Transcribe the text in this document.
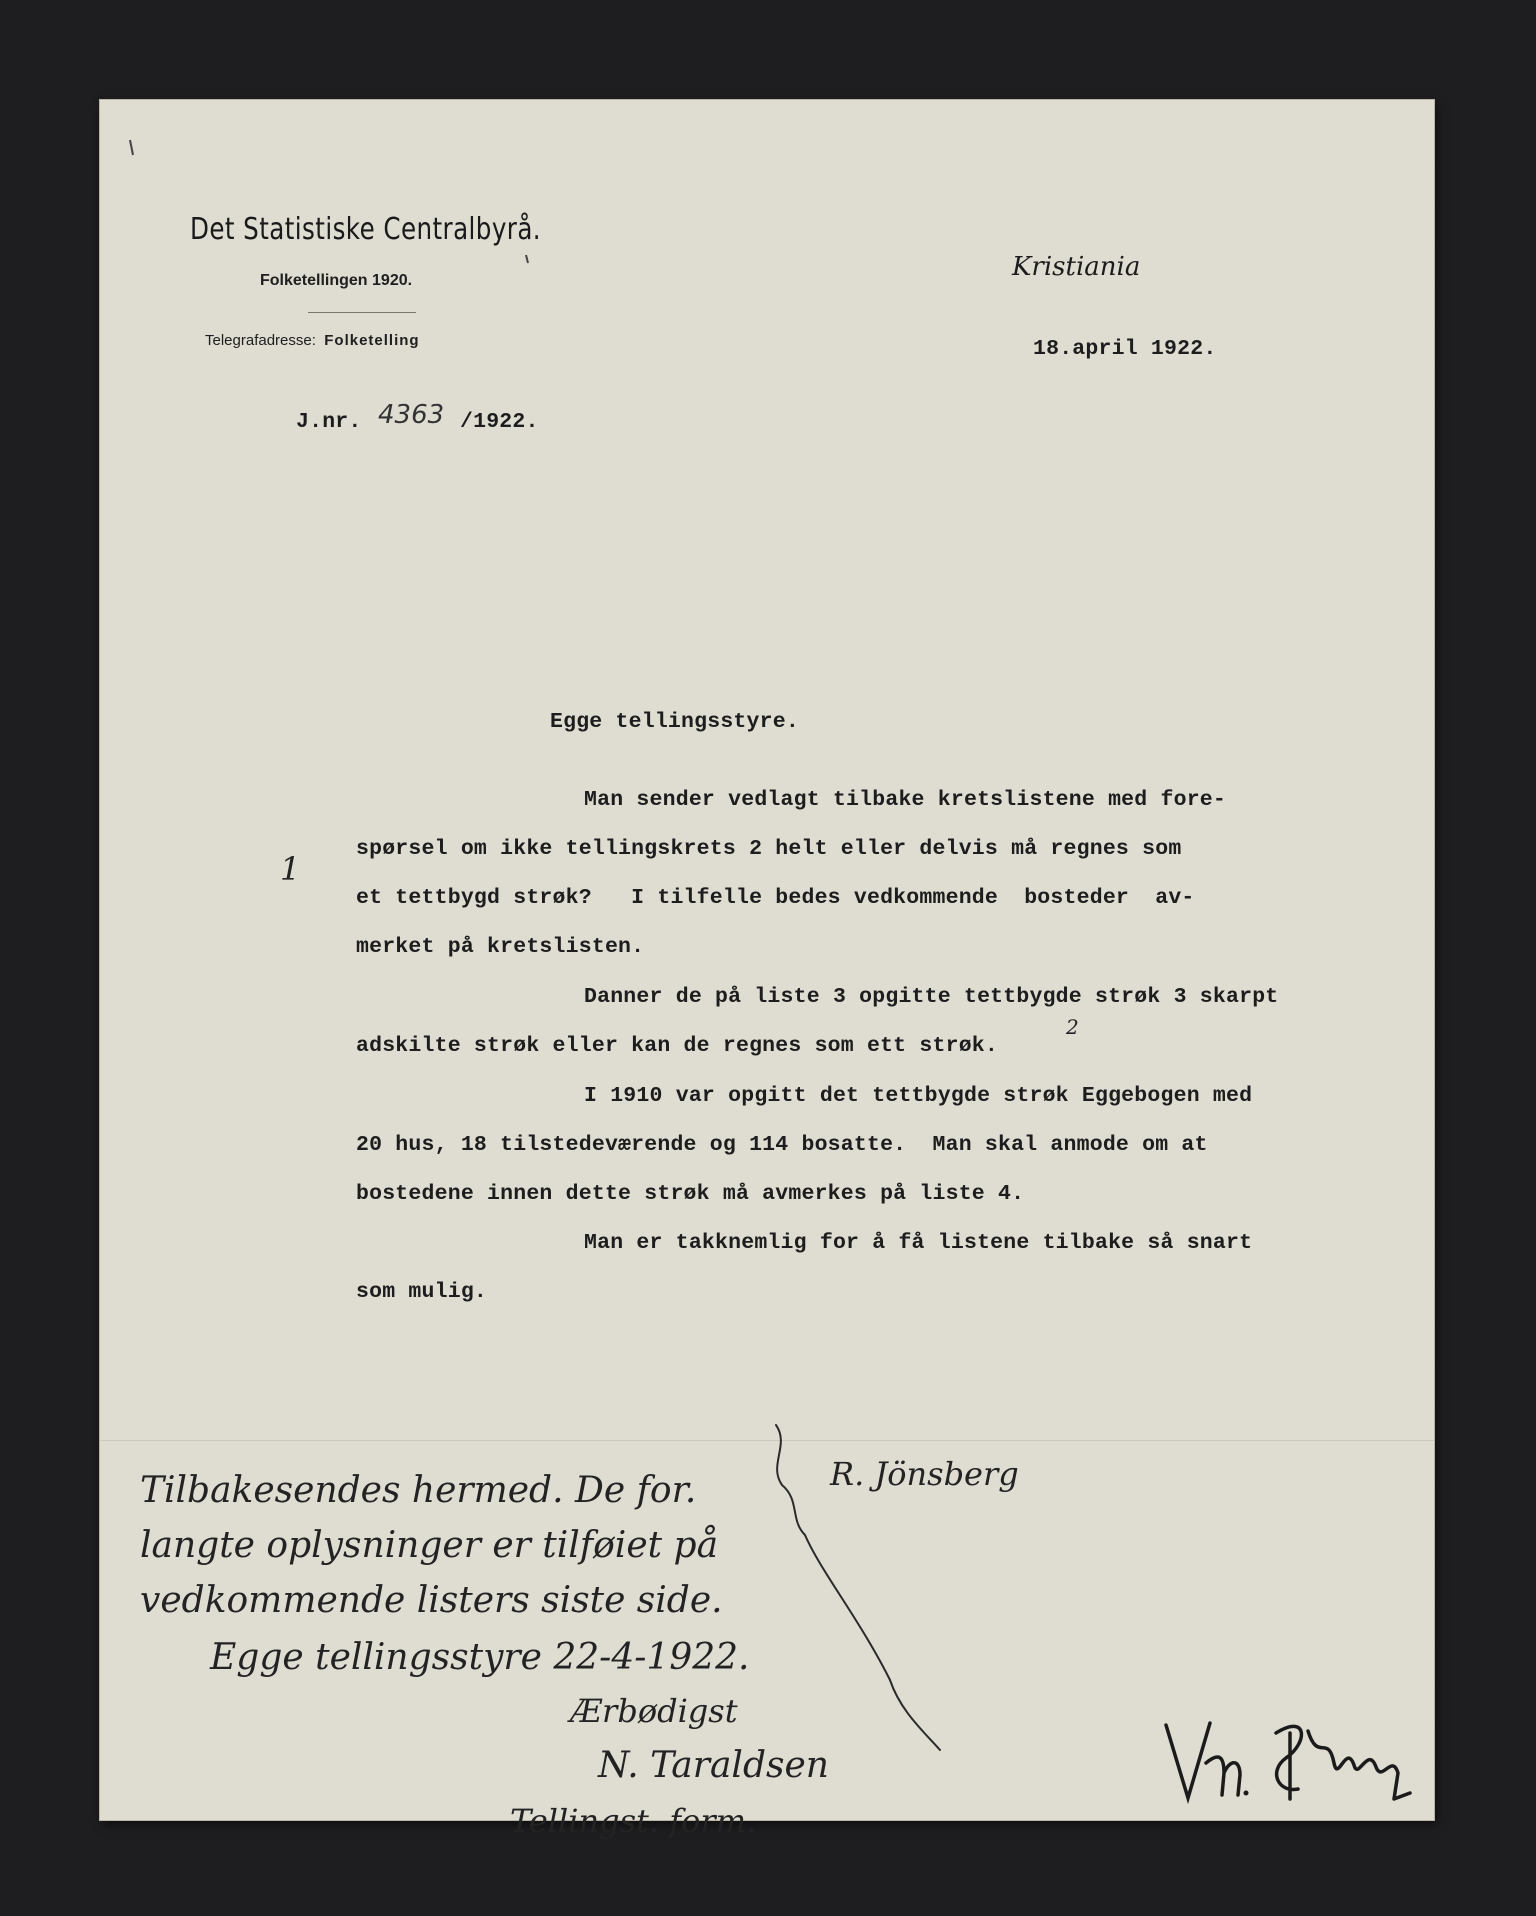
Det Statistiske Centralbyrå.
Folketellingen 1920.
Telegrafadresse: Folketelling
Kristiania
18.april 1922.
J.nr. 4363 /1922.
Egge tellingsstyre.
Man sender vedlagt tilbake kretslistene med fore-
spørsel om ikke tellingskrets 2 helt eller delvis må regnes som
et tettbygd strøk?   I tilfelle bedes vedkommende  bosteder  av-
merket på kretslisten.
Danner de på liste 3 opgitte tettbygde strøk 3 skarpt
adskilte strøk eller kan de regnes som ett strøk.
I 1910 var opgitt det tettbygde strøk Eggebogen med
20 hus, 18 tilstedeværende og 114 bosatte.  Man skal anmode om at
bostedene innen dette strøk må avmerkes på liste 4.
Man er takknemlig for å få listene tilbake så snart
som mulig.
1
2
Tilbakesendes hermed. De for.
langte oplysninger er tilføiet på
vedkommende listers siste side.
Egge tellingsstyre 22-4-1922.
Ærbødigst
N. Taraldsen
Tellingst. form.
R. Jönsberg
